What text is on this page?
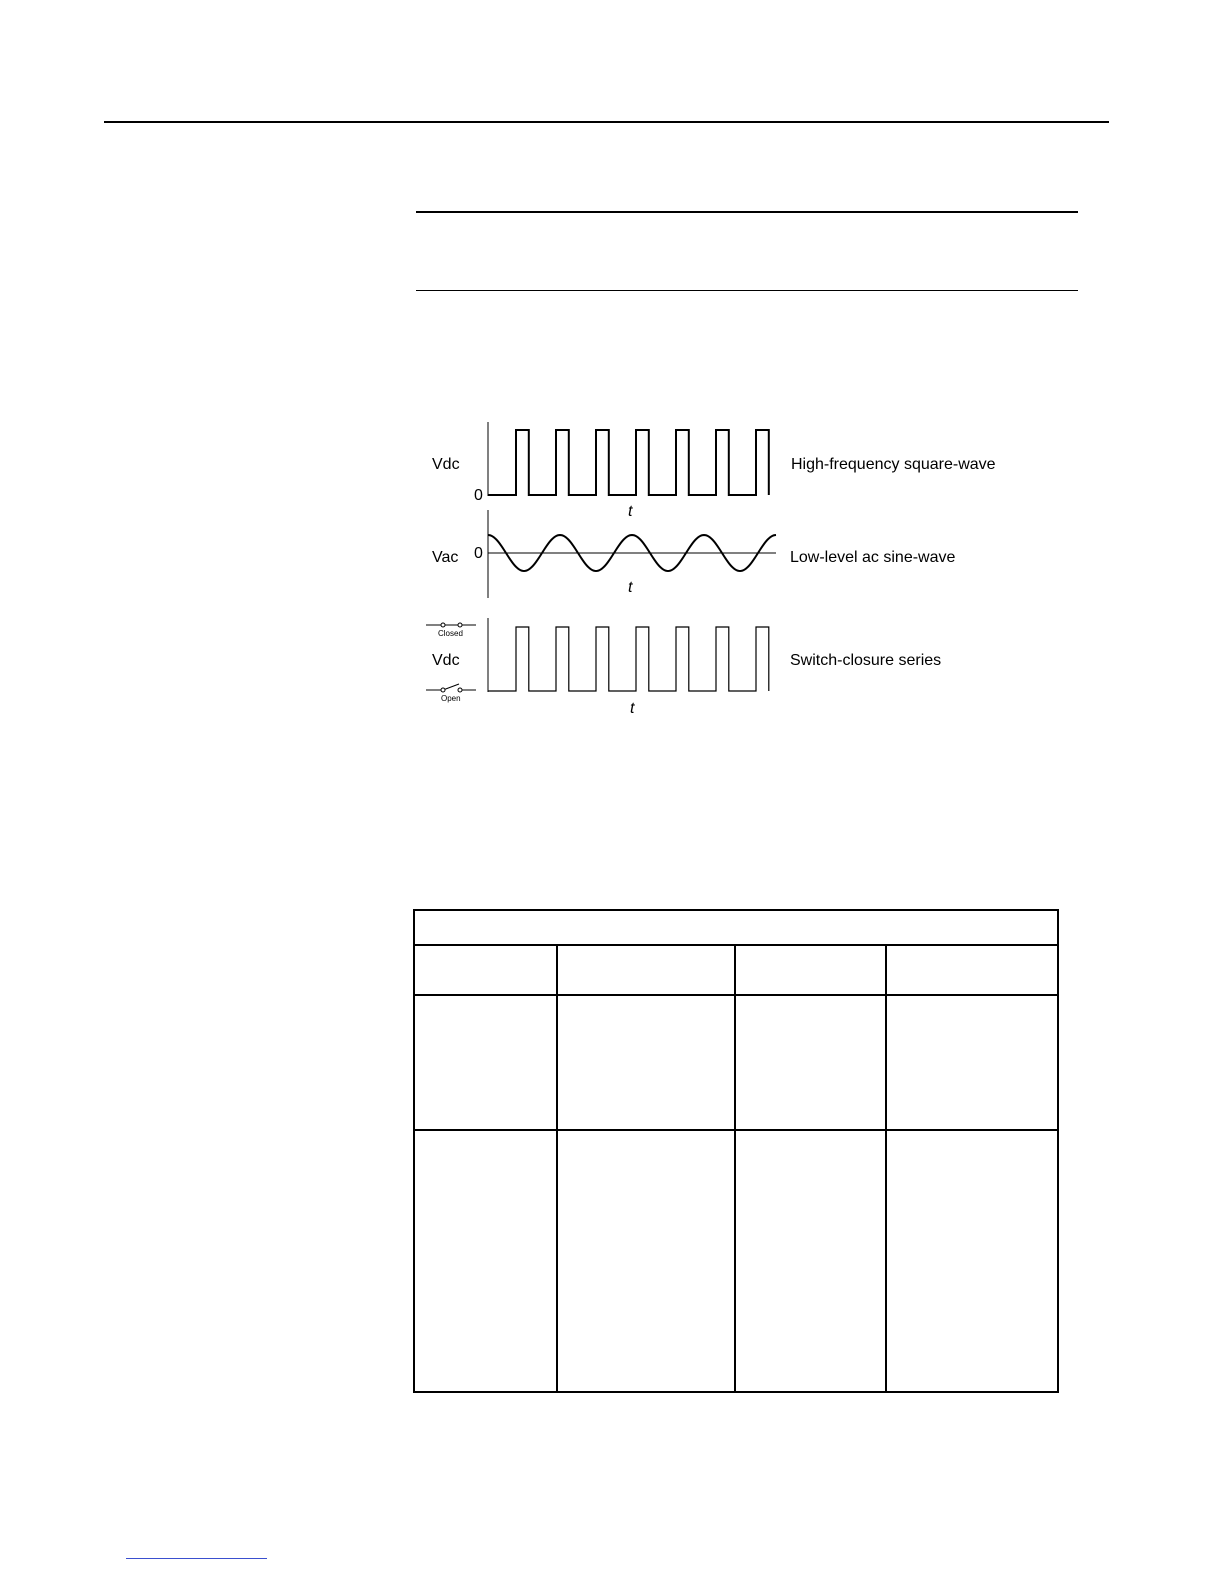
Vdc
0
t
High-frequency square-wave
Vac 0
t
Low-level ac sine-wave
Closed
Open
Vdc
t
Switch-closure series
